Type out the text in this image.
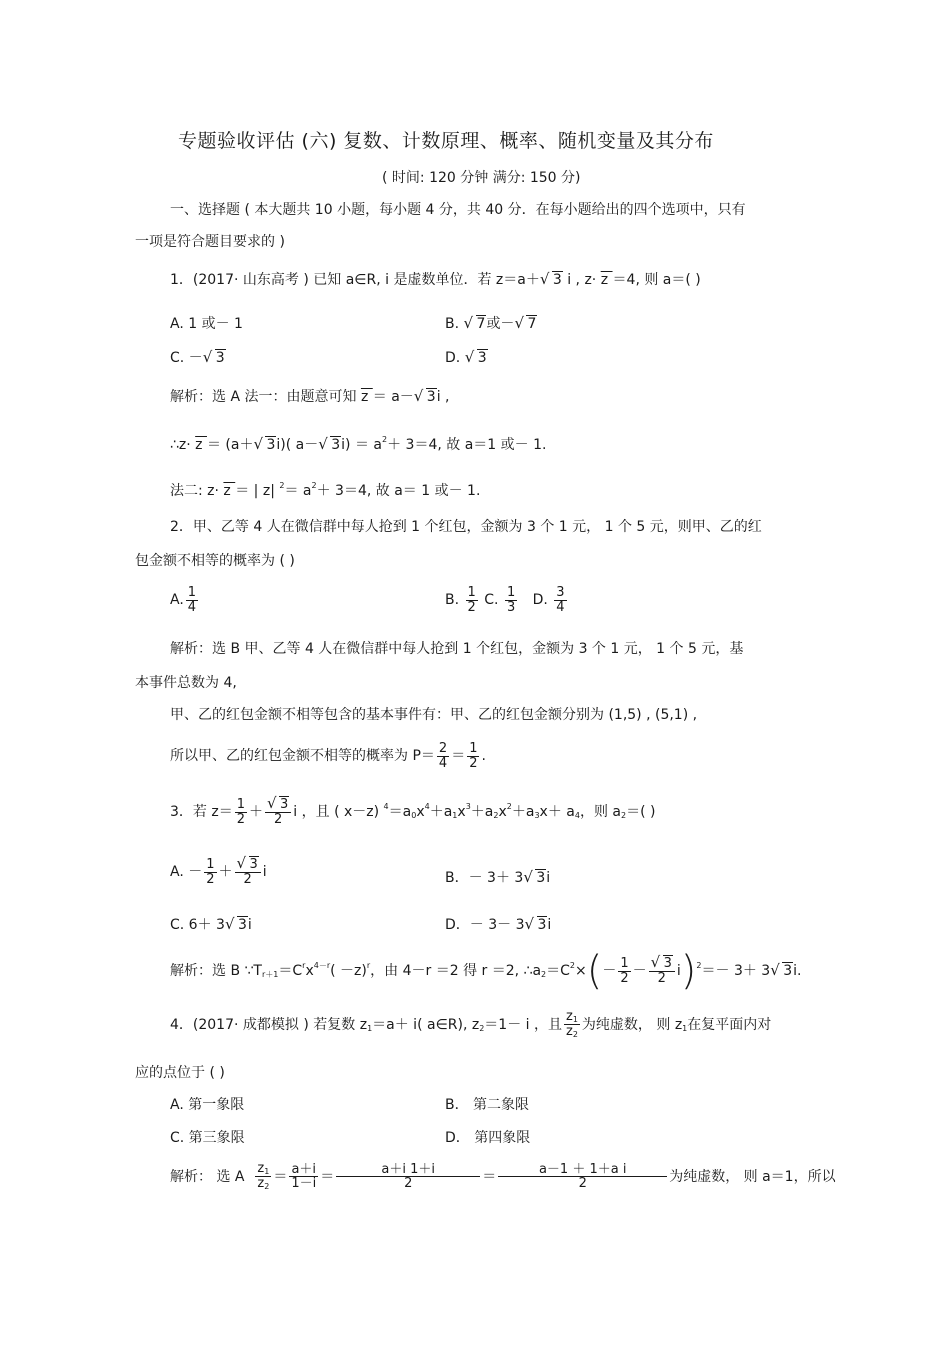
专题验收评估 (六) 复数、计数原理、概率、随机变量及其分布
( 时间: 120 分钟 满分: 150 分)
一、选择题 ( 本大题共 10 小题，每小题 4 分，共 40 分．在每小题给出的四个选项中，只有
一项是符合题目要求的 )
1．(2017· 山东高考 ) 已知 a∈R, i 是虚数单位．若 z＝a＋ √ 3 i , z· z ＝4, 则 a＝( )
A. 1 或－ 1	B. √ 7或－ √ 7
C. － √ 3	D. √ 3
解析：选 A 法一：由题意可知 z ＝ a－ √ 3i ,
∴z· z ＝ (a＋ √ 3i)( a－ √ $3i) = a^2+ 3=4$, 故 a＝1 或－ 1.
法二: z· z ＝ | z| $^2= a^2+ 3=4$, 故 a＝ 1 或－ 1.
2．甲、乙等 4 人在微信群中每人抢到 1 个红包，金额为 3 个 1 元， 1 个 5 元，则甲、乙的红
包金额不相等的概率为 ( )
A. $\frac{1}{4}$	B. $\frac{1}{2} C$. $\frac{1}{3} D$. $\frac{3}{4}$
解析：选 B 甲、乙等 4 人在微信群中每人抢到 1 个红包，金额为 3 个 1 元， 1 个 5 元，基
本事件总数为 4,
甲、乙的红包金额不相等包含的基本事件有：甲、乙的红包金额分别为 (1,5) , (5,1) ,
所以甲、乙的红包金额不相等的概率为 $P= \frac{2}{4} = \frac{1}{2}$ .
3．若 $z= \frac{1}{2}$ ＋ √ $\frac{3}{2}$ i ，且 ( x－z) $^4=a_0x^4+a_1x^3+a_2x^2+a_3x+ a_4$，则 $a_2=$( )
A. － $\frac{1}{2}$ ＋ √ $\frac{3}{2}$ i	B．－ 3＋ 3 √ 3i
C. 6＋ 3 √ 3i	D．－ 3－ 3 √ 3i
解析：选 B $\because T_{r+1}=C^rx^{4-r}( -z)^r$，由 4－r ＝2 得 r ＝2, $\therefore a_2=C^2\times(- \frac{1}{2}$ － √ $\frac{3}{2} i)^2=- 3+ 3$ √ 3i.
4．(2017· 成都模拟 ) 若复数 $z_1=a+ i$( a∈R), $z_2=1- i$ ，且 $\frac{z_1}{z_2}$ 为纯虚数， 则 $z_1$在复平面内对
应的点位于 ( )
A. 第一象限	B． 第二象限
C. 第三象限	D． 第四象限
解析： 选 A $\frac{z_1}{z_2} = \frac{a+i}{1-i} = \frac{a+i 1+i}{2} = \frac{\text{a－1 ＋ 1＋a i}}{2}$ 为纯虚数， 则 a＝1，所以
